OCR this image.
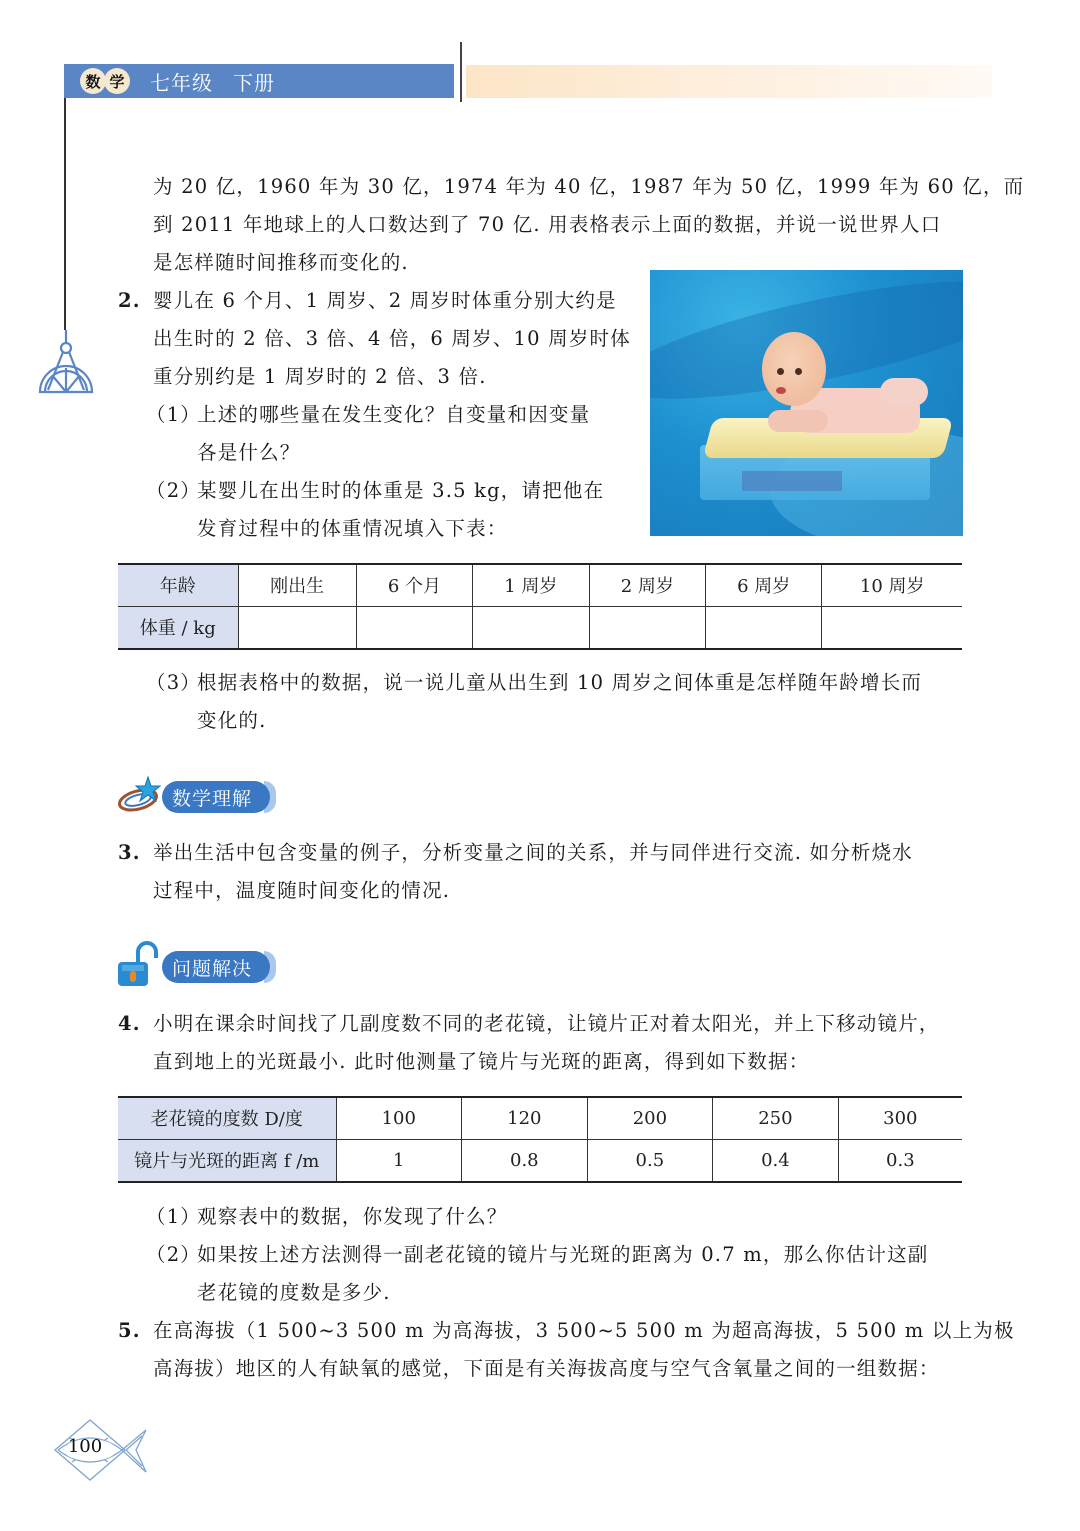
数 学 七年级 下册
为 20 亿，1960 年为 30 亿，1974 年为 40 亿，1987 年为 50 亿，1999 年为 60 亿，而
到 2011 年地球上的人口数达到了 70 亿. 用表格表示上面的数据，并说一说世界人口
是怎样随时间推移而变化的.
2. 婴儿在 6 个月、1 周岁、2 周岁时体重分别大约是
出生时的 2 倍、3 倍、4 倍，6 周岁、10 周岁时体
重分别约是 1 周岁时的 2 倍、3 倍.
（1）
上述的哪些量在发生变化？自变量和因变量
各是什么？
（2）
某婴儿在出生时的体重是 3.5 kg，请把他在
发育过程中的体重情况填入下表：
年龄	刚出生	6 个月	1 周岁	2 周岁	6 周岁	10 周岁
体重 / kg						
（3）
根据表格中的数据，说一说儿童从出生到 10 周岁之间体重是怎样随年龄增长而
变化的.
数学理解
3. 举出生活中包含变量的例子，分析变量之间的关系，并与同伴进行交流. 如分析烧水
过程中，温度随时间变化的情况.
问题解决
4. 小明在课余时间找了几副度数不同的老花镜，让镜片正对着太阳光，并上下移动镜片，
直到地上的光斑最小. 此时他测量了镜片与光斑的距离，得到如下数据：
老花镜的度数 D/度	100	120	200	250	300
镜片与光斑的距离 f /m	1	0.8	0.5	0.4	0.3
（1）
观察表中的数据，你发现了什么？
（2）
如果按上述方法测得一副老花镜的镜片与光斑的距离为 0.7 m，那么你估计这副
老花镜的度数是多少.
5. 在高海拔（1 500~3 500 m 为高海拔，3 500~5 500 m 为超高海拔，5 500 m 以上为极
高海拔）地区的人有缺氧的感觉，下面是有关海拔高度与空气含氧量之间的一组数据：
100
